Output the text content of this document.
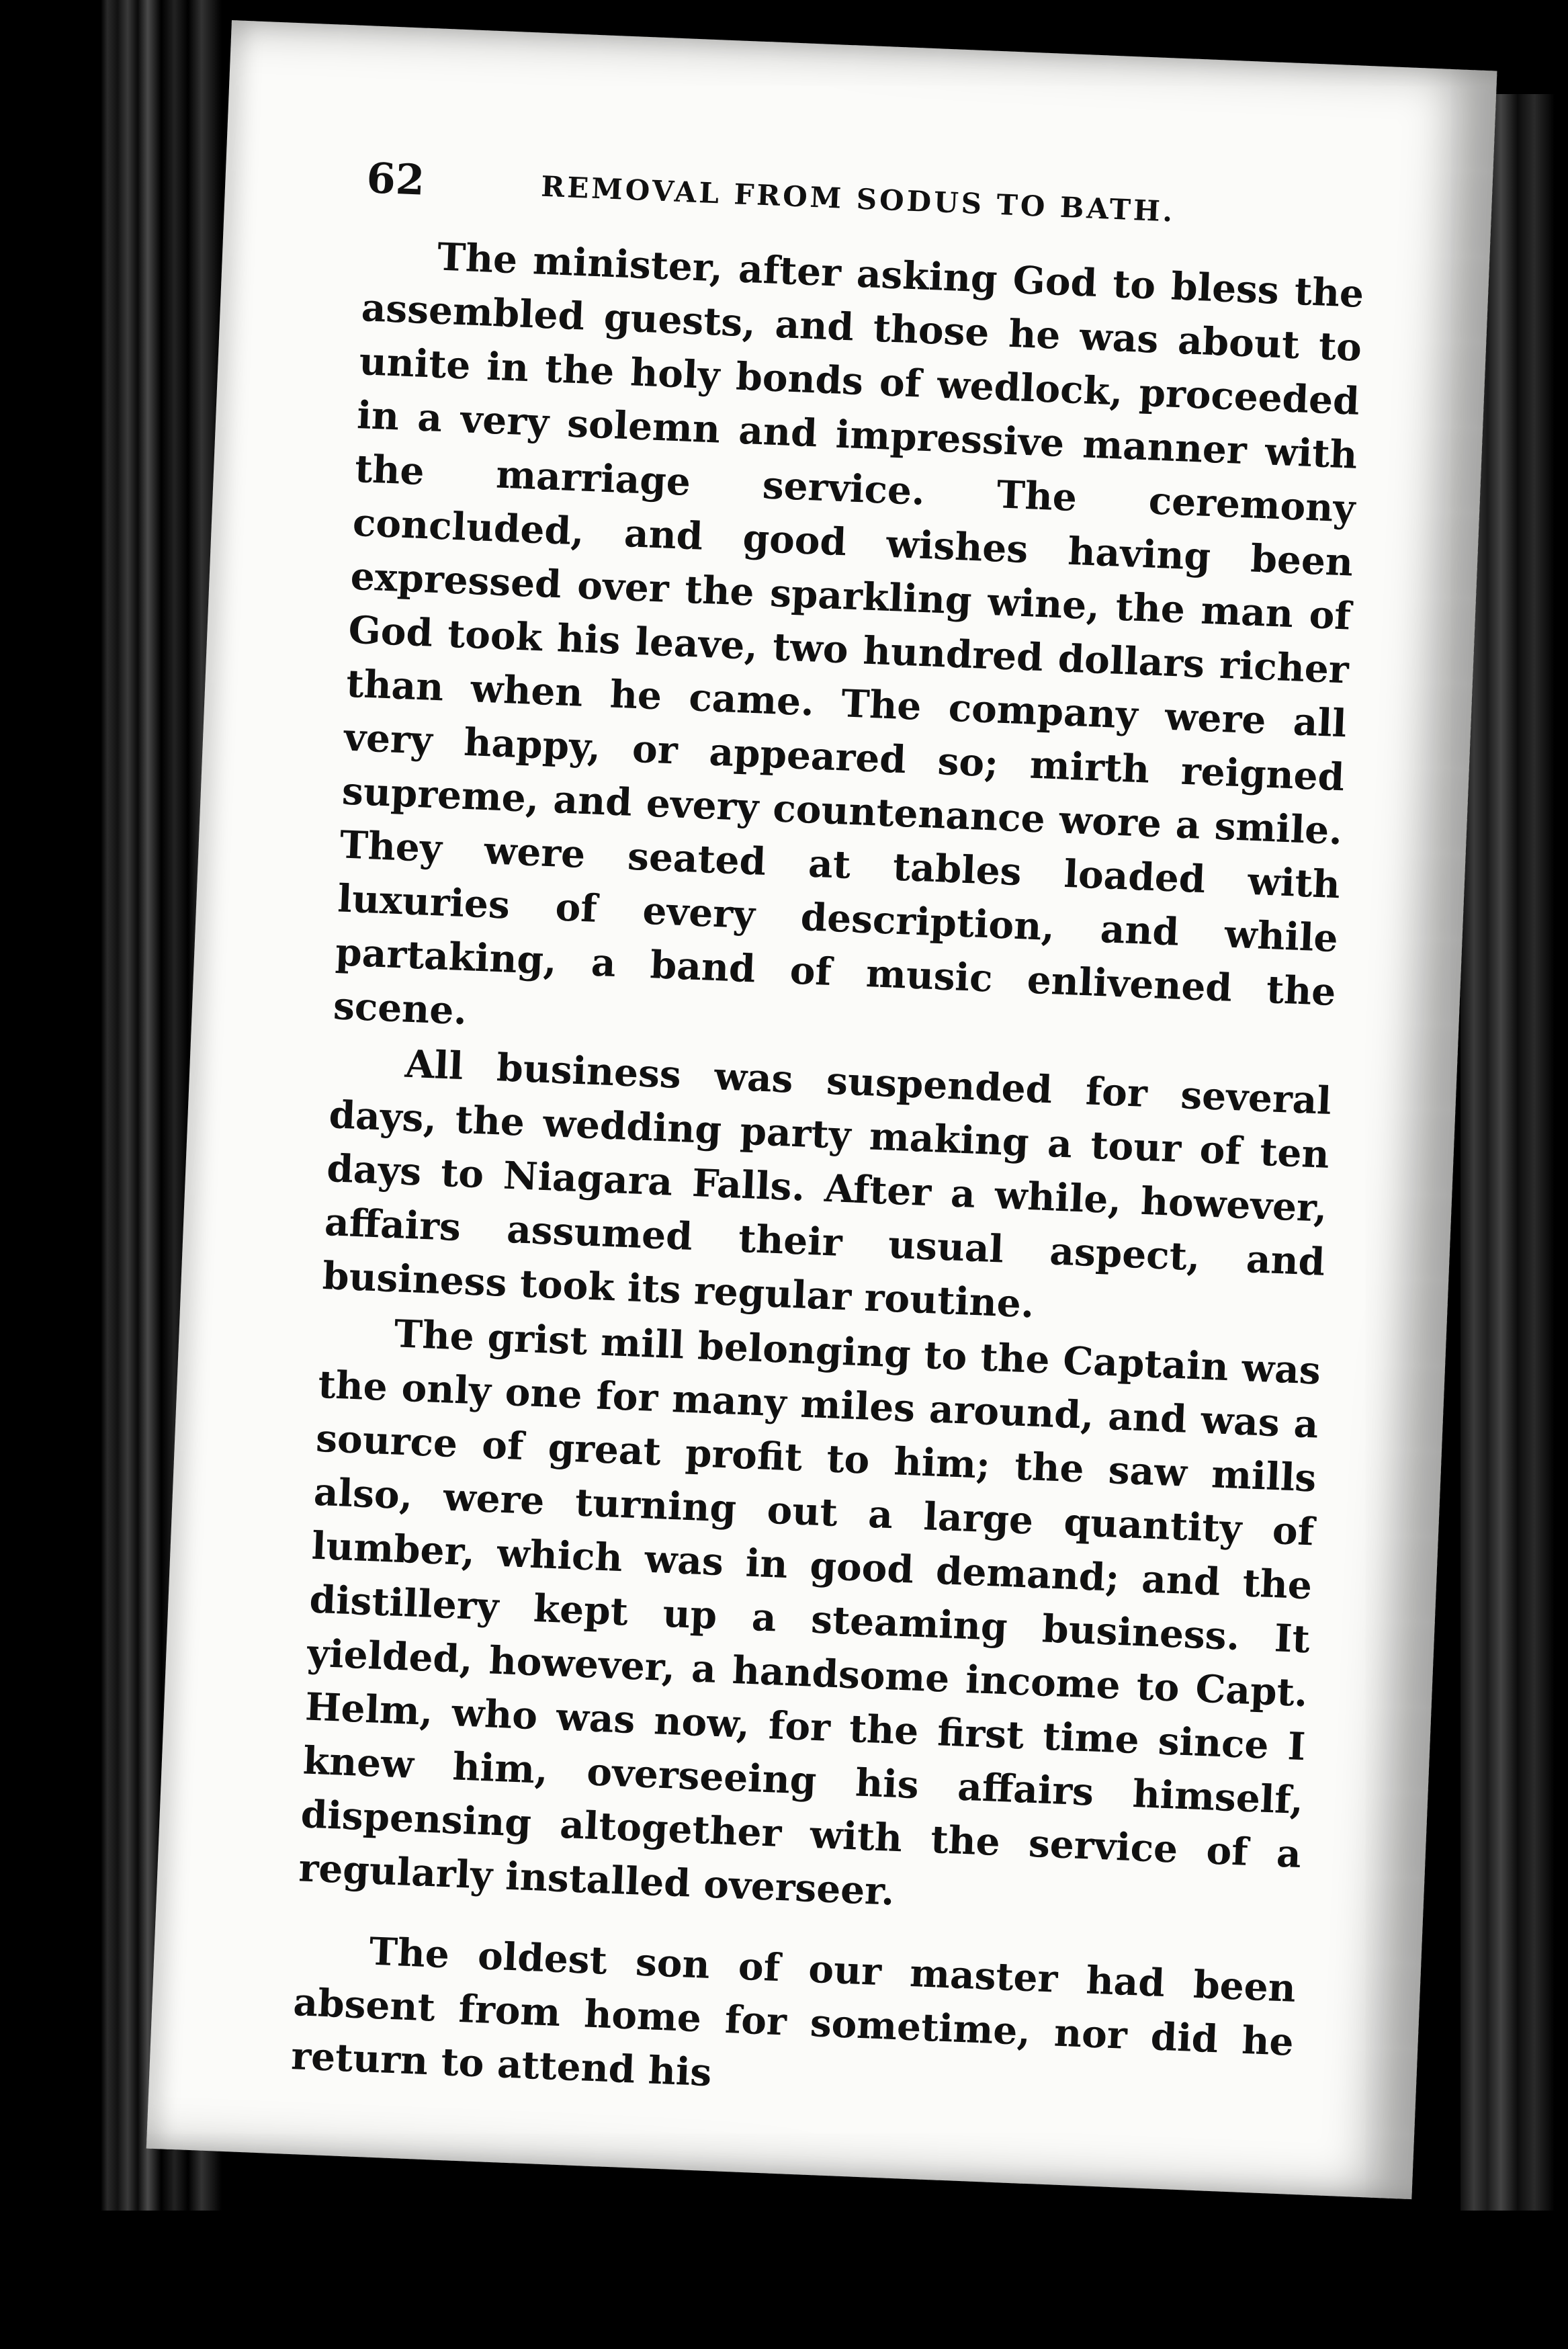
62	REMOVAL FROM SODUS TO BATH.

The minister, after asking God to bless the assembled guests, and those he was about to unite in the holy bonds of wedlock, proceeded in a very solemn and impressive manner with the marriage service. The ceremony concluded, and good wishes having been expressed over the sparkling wine, the man of God took his leave, two hundred dollars richer than when he came. The company were all very happy, or appeared so; mirth reigned supreme, and every countenance wore a smile. They were seated at tables loaded with luxuries of every description, and while partaking, a band of music enlivened the scene.

All business was suspended for several days, the wedding party making a tour of ten days to Niagara Falls. After a while, however, affairs assumed their usual aspect, and business took its regular routine.

The grist mill belonging to the Captain was the only one for many miles around, and was a source of great profit to him; the saw mills also, were turning out a large quantity of lumber, which was in good demand; and the distillery kept up a steaming business. It yielded, however, a handsome income to Capt. Helm, who was now, for the first time since I knew him, overseeing his affairs himself, dispensing altogether with the service of a regularly installed overseer.

The oldest son of our master had been absent from home for sometime, nor did he return to attend his
